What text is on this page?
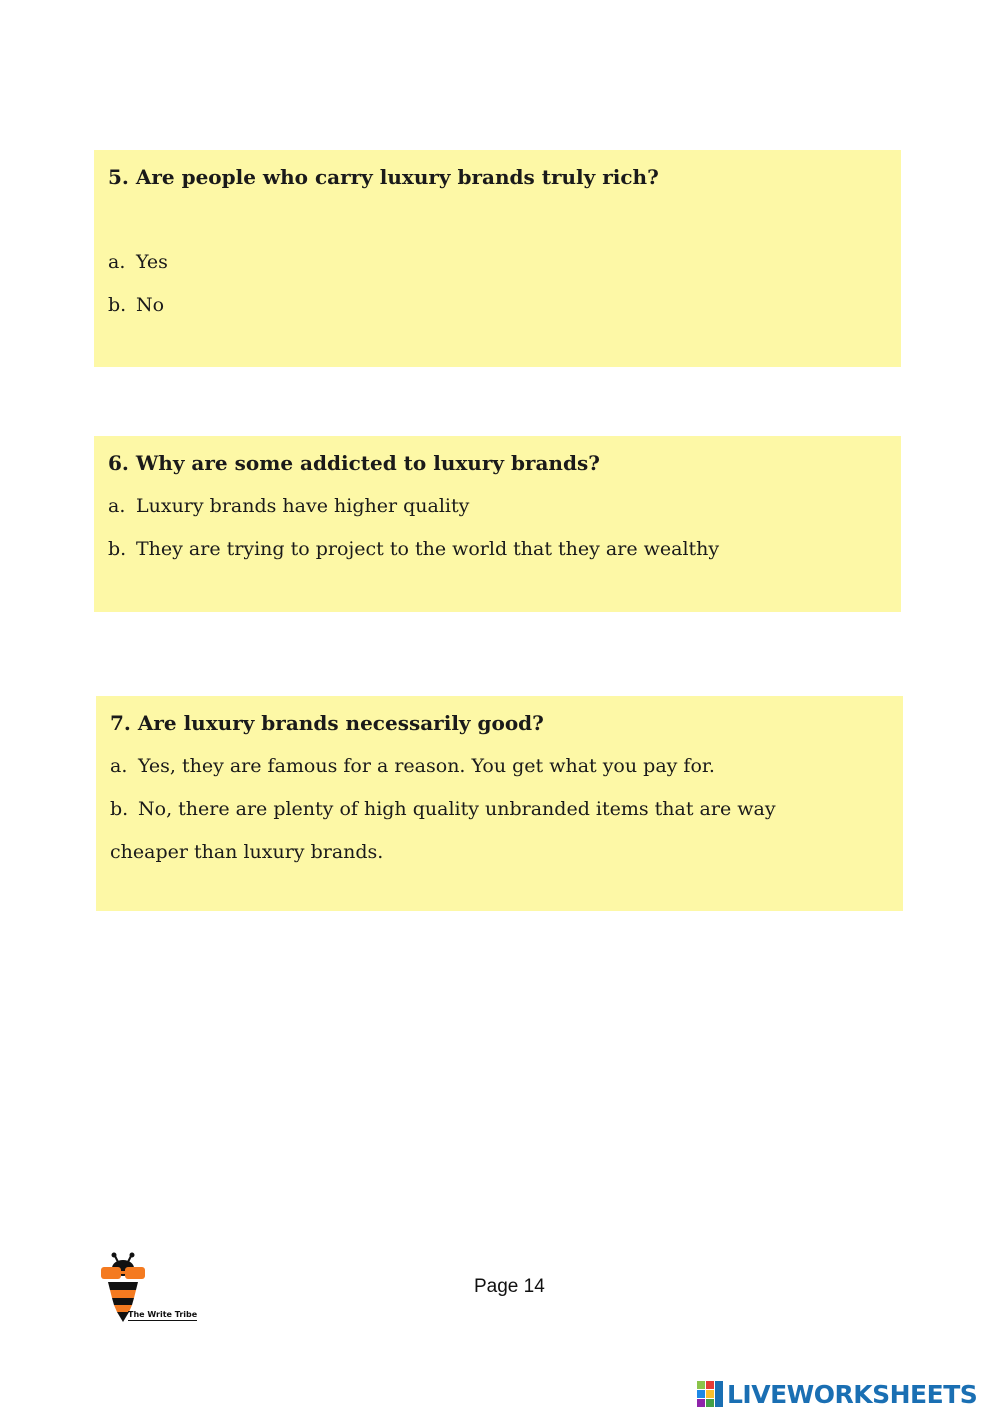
5. Are people who carry luxury brands truly rich?

a. Yes

b. No

6. Why are some addicted to luxury brands?

a. Luxury brands have higher quality

b. They are trying to project to the world that they are wealthy

7. Are luxury brands necessarily good?

a. Yes, they are famous for a reason. You get what you pay for.

b. No, there are plenty of high quality unbranded items that are way

cheaper than luxury brands.

The Write Tribe
Page 14
LIVEWORKSHEETS
